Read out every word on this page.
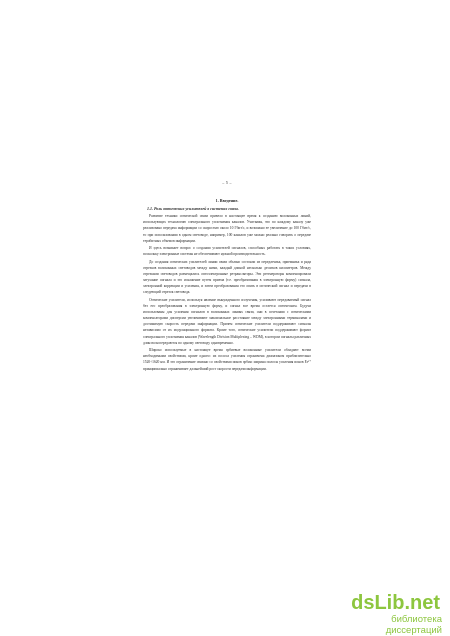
– 5 –
1. Введение.
1.1. Роль оптических усилителей в системах связи.

Развитие техники оптической связи привело в настоящее время к созданию волоконных линий, использующих технологию спектрального уплотнения каналов. Учитывая, что по каждому каналу уже реализовано передача информации со скоростью около 10 Гбит/с, и возможно ее увеличение до 100 Гбит/с, то при использовании в одном световоде, например, 100 каналов уже можно реально говорить о передаче терабитных объемов информации.

И здесь возникает вопрос о создании усилителей сигналов, способных работать в таких условиях, поскольку электронные системы не обеспечивают нужной производительность.

До создания оптических усилителей линии связи обычно состояли из передатчика, приемника и ряда отрезков волоконных световодов между ними, каждый длиной несколько десятков километров. Между отрезками световодов размещались оптоэлектронные ретрансляторы. Эти регенераторы компенсировали затухание сигнала и это искажение путем приема (т.е. преобразования в электронную форму) сигнала, электронной коррекции и усиления, и затем преобразования его опять в оптический сигнал и передачи в следующий отрезок световода.

Оптические усилители, используя явление вынужденного излучения, усиливают передаваемый сигнал без его преобразования в электронную форму, и сигнал все время остается оптическим. Будучи использованы для усиления сигналов в волоконных линиях связи, они в сочетании с оптическими компенсаторами дисперсии увеличивают максимальное расстояние между электронными терминалами и достижимую скорость передачи информации. Причем оптические усилители поддерживают сигналы независимо от их модуляционного формата. Кроме того, оптические усилители поддерживают формат спектрального уплотнения каналов (Wavelength Division Multiplexing – WDM), в котором сигналы различных длин волн передаются по одному световоду одновременно.

Широко используемые в настоящее время эрбиевые волоконные усилители обладают всеми необходимыми свойствами, кроме одного: их полоса усиления ограничена диапазоном приблизительно 1520÷1620 нм. И это ограничение связано со свойствами ионов эрбия: ширина полосы усиления ионов Er³⁺ принципиально ограничивает дальнейший рост скорости передачи информации.

dsLib.net
библиотека диссертаций
